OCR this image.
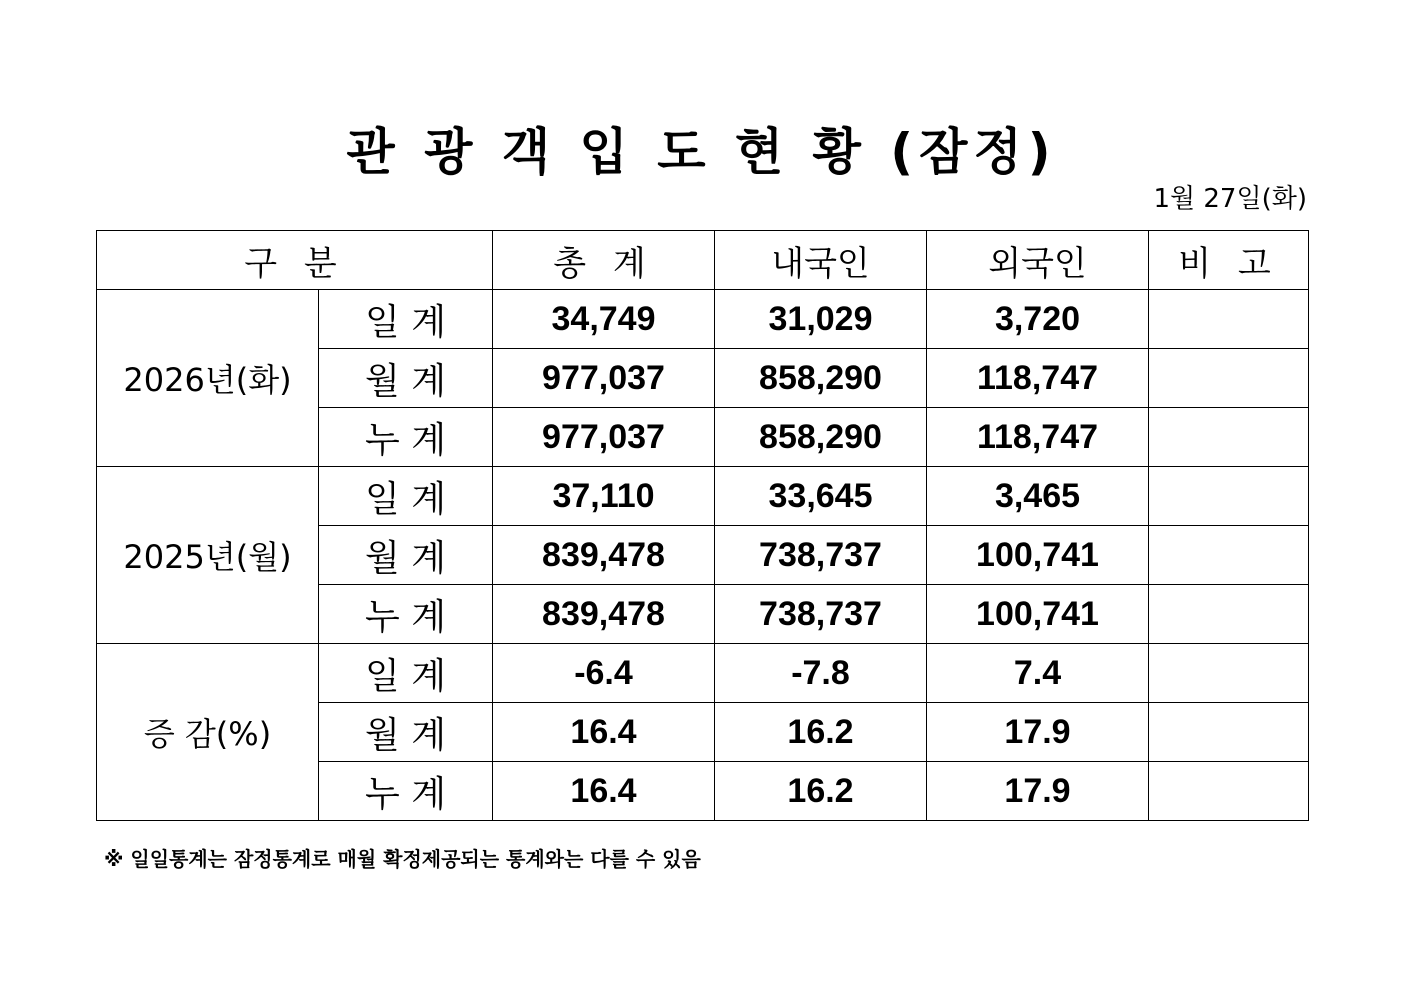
관 광 객 입 도 현 황 (잠정)
1월 27일(화)
구 분		총 계	내국인	외국인	비 고
2026년(화)	일 계	34,749	31,029	3,720	
	월 계	977,037	858,290	118,747	
	누 계	977,037	858,290	118,747	
2025년(월)	일 계	37,110	33,645	3,465	
	월 계	839,478	738,737	100,741	
	누 계	839,478	738,737	100,741	
증 감(%)	일 계	-6.4	-7.8	7.4	
	월 계	16.4	16.2	17.9	
	누 계	16.4	16.2	17.9	
※ 일일통계는 잠정통계로 매월 확정제공되는 통계와는 다를 수 있음
